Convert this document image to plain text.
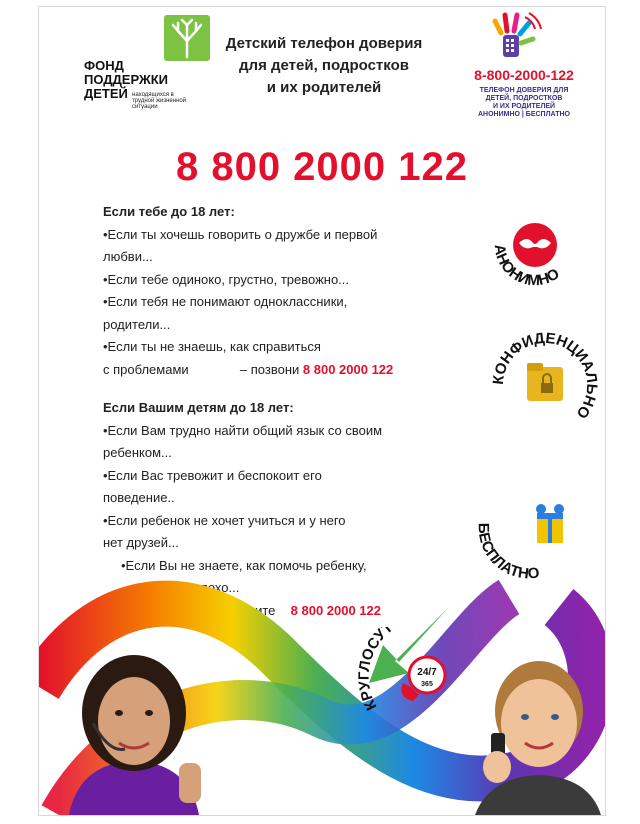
ФОНД
ПОДДЕРЖКИ
ДЕТЕЙ находящихся в трудной жизненной ситуации
Детский телефон доверия
для детей, подростков
и их родителей
8-800-2000-122
ТЕЛЕФОН ДОВЕРИЯ ДЛЯ
ДЕТЕЙ, ПОДРОСТКОВ
И ИХ РОДИТЕЛЕЙ
АНОНИМНО | БЕСПЛАТНО
8 800 2000 122

Если тебе до 18 лет:

•Если ты хочешь говорить о дружбе и первой

любви...

•Если тебе одиноко, грустно, тревожно...

•Если тебя не понимают одноклассники,

родители...

•Если ты не знаешь, как справиться

с проблемами	– позвони 8 800 2000 122

Если Вашим детям до 18 лет:

•Если Вам трудно найти общий язык со своим

ребенком...

•Если Вас тревожит и беспокоит его

поведение..

•Если ребенок не хочет учиться и у него

нет друзей...

•Если Вы не знаете, как помочь ребенку,

когда ему плохо...

– позвоните 8 800 2000 122

АНОНИМНО
КОНФИДЕНЦИАЛЬНО
БЕСПЛАТНО
24/7
365
КРУГЛОСУТ
